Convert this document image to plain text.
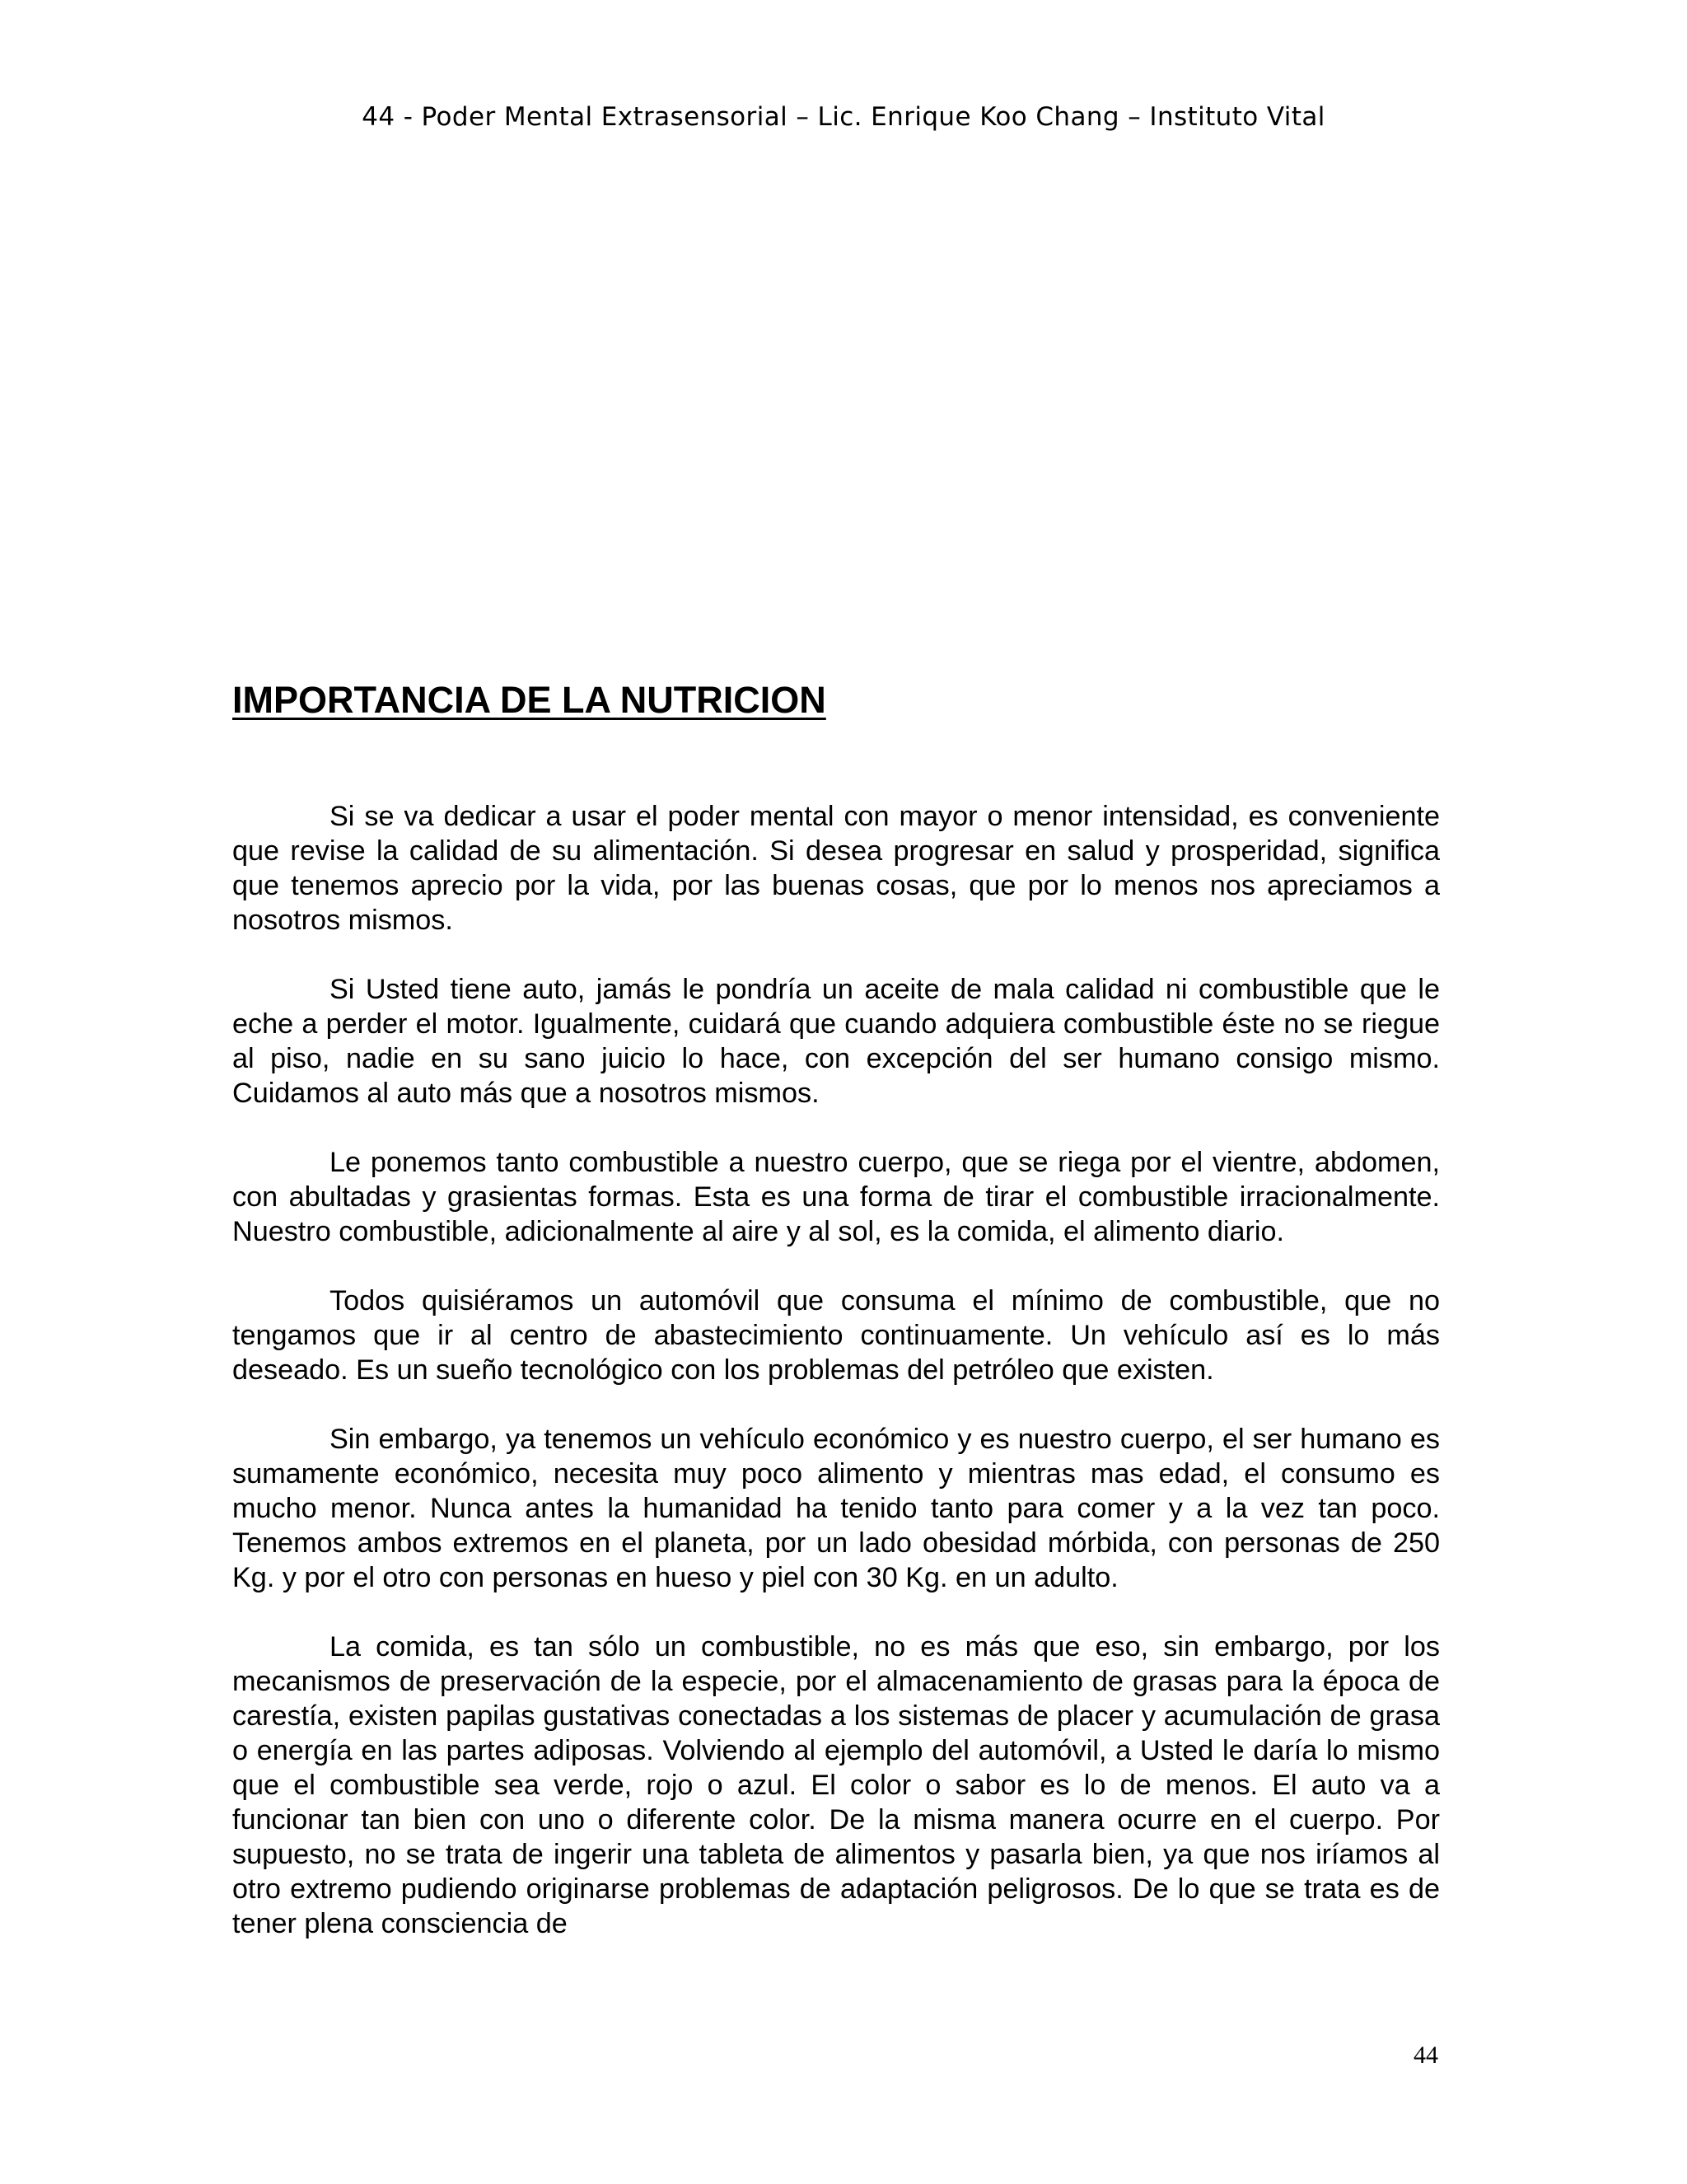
44 - Poder Mental Extrasensorial – Lic. Enrique Koo Chang – Instituto Vital
IMPORTANCIA DE LA NUTRICION

Si se va dedicar a usar el poder mental con mayor o menor intensidad, es conveniente que revise la calidad de su alimentación. Si desea progresar en salud y prosperidad, significa que tenemos aprecio por la vida, por las buenas cosas, que por lo menos nos apreciamos a nosotros mismos.

Si Usted tiene auto, jamás le pondría un aceite de mala calidad ni combustible que le eche a perder el motor. Igualmente, cuidará que cuando adquiera combustible éste no se riegue al piso, nadie en su sano juicio lo hace, con excepción del ser humano consigo mismo. Cuidamos al auto más que a nosotros mismos.

Le ponemos tanto combustible a nuestro cuerpo, que se riega por el vientre, abdomen, con abultadas y grasientas formas. Esta es una forma de tirar el combustible irracionalmente. Nuestro combustible, adicionalmente al aire y al sol, es la comida, el alimento diario.

Todos quisiéramos un automóvil que consuma el mínimo de combustible, que no tengamos que ir al centro de abastecimiento continuamente. Un vehículo así es lo más deseado. Es un sueño tecnológico con los problemas del petróleo que existen.

Sin embargo, ya tenemos un vehículo económico y es nuestro cuerpo, el ser humano es sumamente económico, necesita muy poco alimento y mientras mas edad, el consumo es mucho menor. Nunca antes la humanidad ha tenido tanto para comer y a la vez tan poco. Tenemos ambos extremos en el planeta, por un lado obesidad mórbida, con personas de 250 Kg. y por el otro con personas en hueso y piel con 30 Kg. en un adulto.

La comida, es tan sólo un combustible, no es más que eso, sin embargo, por los mecanismos de preservación de la especie, por el almacenamiento de grasas para la época de carestía, existen papilas gustativas conectadas a los sistemas de placer y acumulación de grasa o energía en las partes adiposas. Volviendo al ejemplo del automóvil, a Usted le daría lo mismo que el combustible sea verde, rojo o azul. El color o sabor es lo de menos. El auto va a funcionar tan bien con uno o diferente color. De la misma manera ocurre en el cuerpo. Por supuesto, no se trata de ingerir una tableta de alimentos y pasarla bien, ya que nos iríamos al otro extremo pudiendo originarse problemas de adaptación peligrosos. De lo que se trata es de tener plena consciencia de

44
